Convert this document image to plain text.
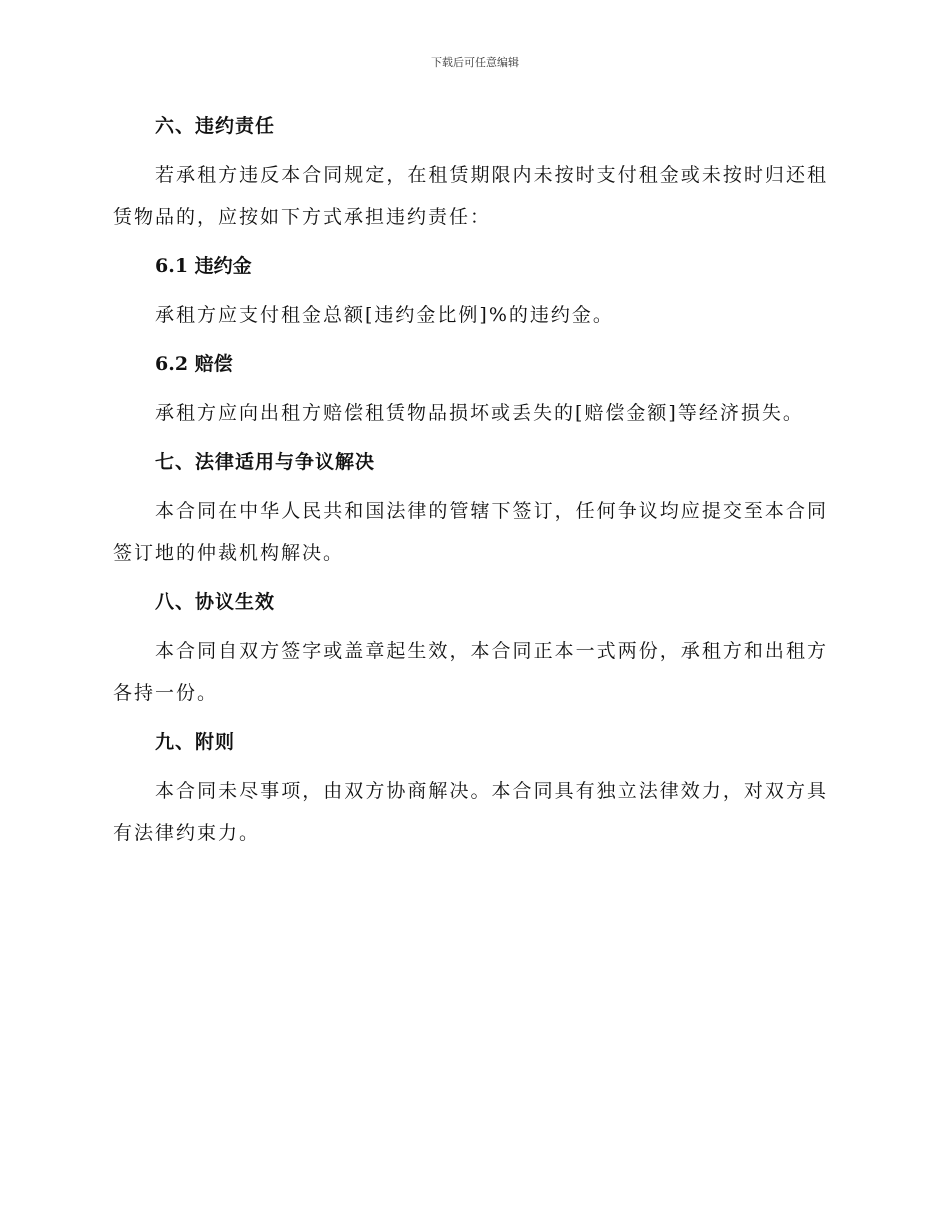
下载后可任意编辑
六、违约责任

若承租方违反本合同规定，在租赁期限内未按时支付租金或未按时归还租赁物品的，应按如下方式承担违约责任：

6.1 违约金

承租方应支付租金总额[违约金比例]%的违约金。

6.2 赔偿

承租方应向出租方赔偿租赁物品损坏或丢失的[赔偿金额]等经济损失。

七、法律适用与争议解决

本合同在中华人民共和国法律的管辖下签订，任何争议均应提交至本合同签订地的仲裁机构解决。

八、协议生效

本合同自双方签字或盖章起生效，本合同正本一式两份，承租方和出租方各持一份。

九、附则

本合同未尽事项，由双方协商解决。本合同具有独立法律效力，对双方具有法律约束力。
